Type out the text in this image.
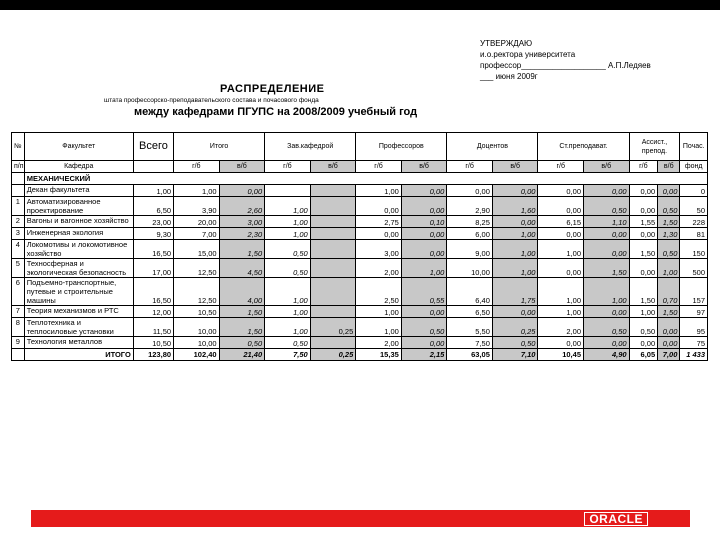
УТВЕРЖДАЮ
и.о.ректора университета
профессор___________________ А.П.Ледяев
___ июня 2009г
РАСПРЕДЕЛЕНИЕ
штата профессорско-преподавательского состава и почасового фонда
между кафедрами ПГУПС на 2008/2009 учебный год
№	Факультет	Всего	Итого		Зав.кафедрой		Профессоров		Доцентов		Ст.преподават.		Ассист., препод.		Почас.
п/п	Кафедра		г/б	в/б	г/б	в/б	г/б	в/б	г/б	в/б	г/б	в/б	г/б	в/б	фонд
	МЕХАНИЧЕСКИЙ														
	Декан факультета	1,00	1,00	0,00			1,00	0,00	0,00	0,00	0,00	0,00	0,00	0,00	0
1	Автоматизированное проектирование	6,50	3,90	2,60	1,00		0,00	0,00	2,90	1,60	0,00	0,50	0,00	0,50	50
2	Вагоны и вагонное хозяйство	23,00	20,00	3,00	1,00		2,75	0,10	8,25	0,00	6,15	1,10	1,55	1,50	228
3	Инженерная экология	9,30	7,00	2,30	1,00		0,00	0,00	6,00	1,00	0,00	0,00	0,00	1,30	81
4	Локомотивы и локомотивное хозяйство	16,50	15,00	1,50	0,50		3,00	0,00	9,00	1,00	1,00	0,00	1,50	0,50	150
5	Техносферная и экологическая безопасность	17,00	12,50	4,50	0,50		2,00	1,00	10,00	1,00	0,00	1,50	0,00	1,00	500
6	Подъемно-транспортные, путевые и строительные машины	16,50	12,50	4,00	1,00		2,50	0,55	6,40	1,75	1,00	1,00	1,50	0,70	157
7	Теория механизмов и РТС	12,00	10,50	1,50	1,00		1,00	0,00	6,50	0,00	1,00	0,00	1,00	1,50	97
8	Теплотехника и теплосиловые установки	11,50	10,00	1,50	1,00	0,25	1,00	0,50	5,50	0,25	2,00	0,50	0,50	0,00	95
9	Технология металлов	10,50	10,00	0,50	0,50		2,00	0,00	7,50	0,50	0,00	0,00	0,00	0,00	75
	ИТОГО	123,80	102,40	21,40	7,50	0,25	15,35	2,15	63,05	7,10	10,45	4,90	6,05	7,00	1 433
ORACLE
